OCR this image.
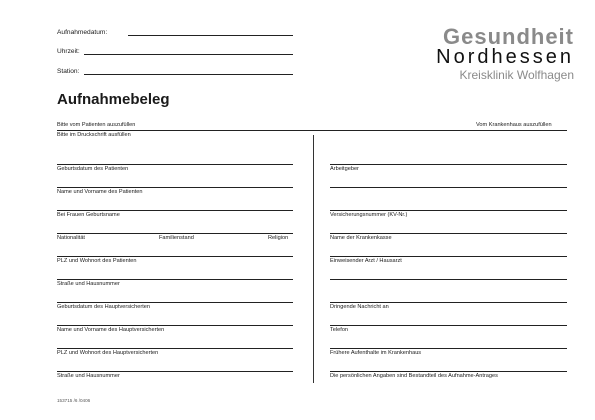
Aufnahmedatum:
Uhrzeit:
Station:
Gesundheit
Nordhessen
Kreisklinik Wolfhagen
Aufnahmebeleg
Bitte vom Patienten auszufüllen	Vom Krankenhaus auszufüllen
Bitte im Druckschrift ausfüllen
Geburtsdatum des Patienten
Name und Vorname des Patienten
Bei Frauen Geburtsname
Nationalität	Familienstand	Religion
PLZ und Wohnort des Patienten
Straße und Hausnummer
Geburtsdatum des Hauptversicherten
Name und Vorname des Hauptversicherten
PLZ und Wohnort des Hauptversicherten
Straße und Hausnummer
Arbeitgeber
Versicherungsnummer (KV-Nr.)
Name der Krankenkasse
Einweisender Arzt / Hausarzt
Dringende Nachricht an
Telefon
Frühere Aufenthalte im Krankenhaus
Die persönlichen Angaben sind Bestandteil des Aufnahme-Antrages
153715 /6 /0406
